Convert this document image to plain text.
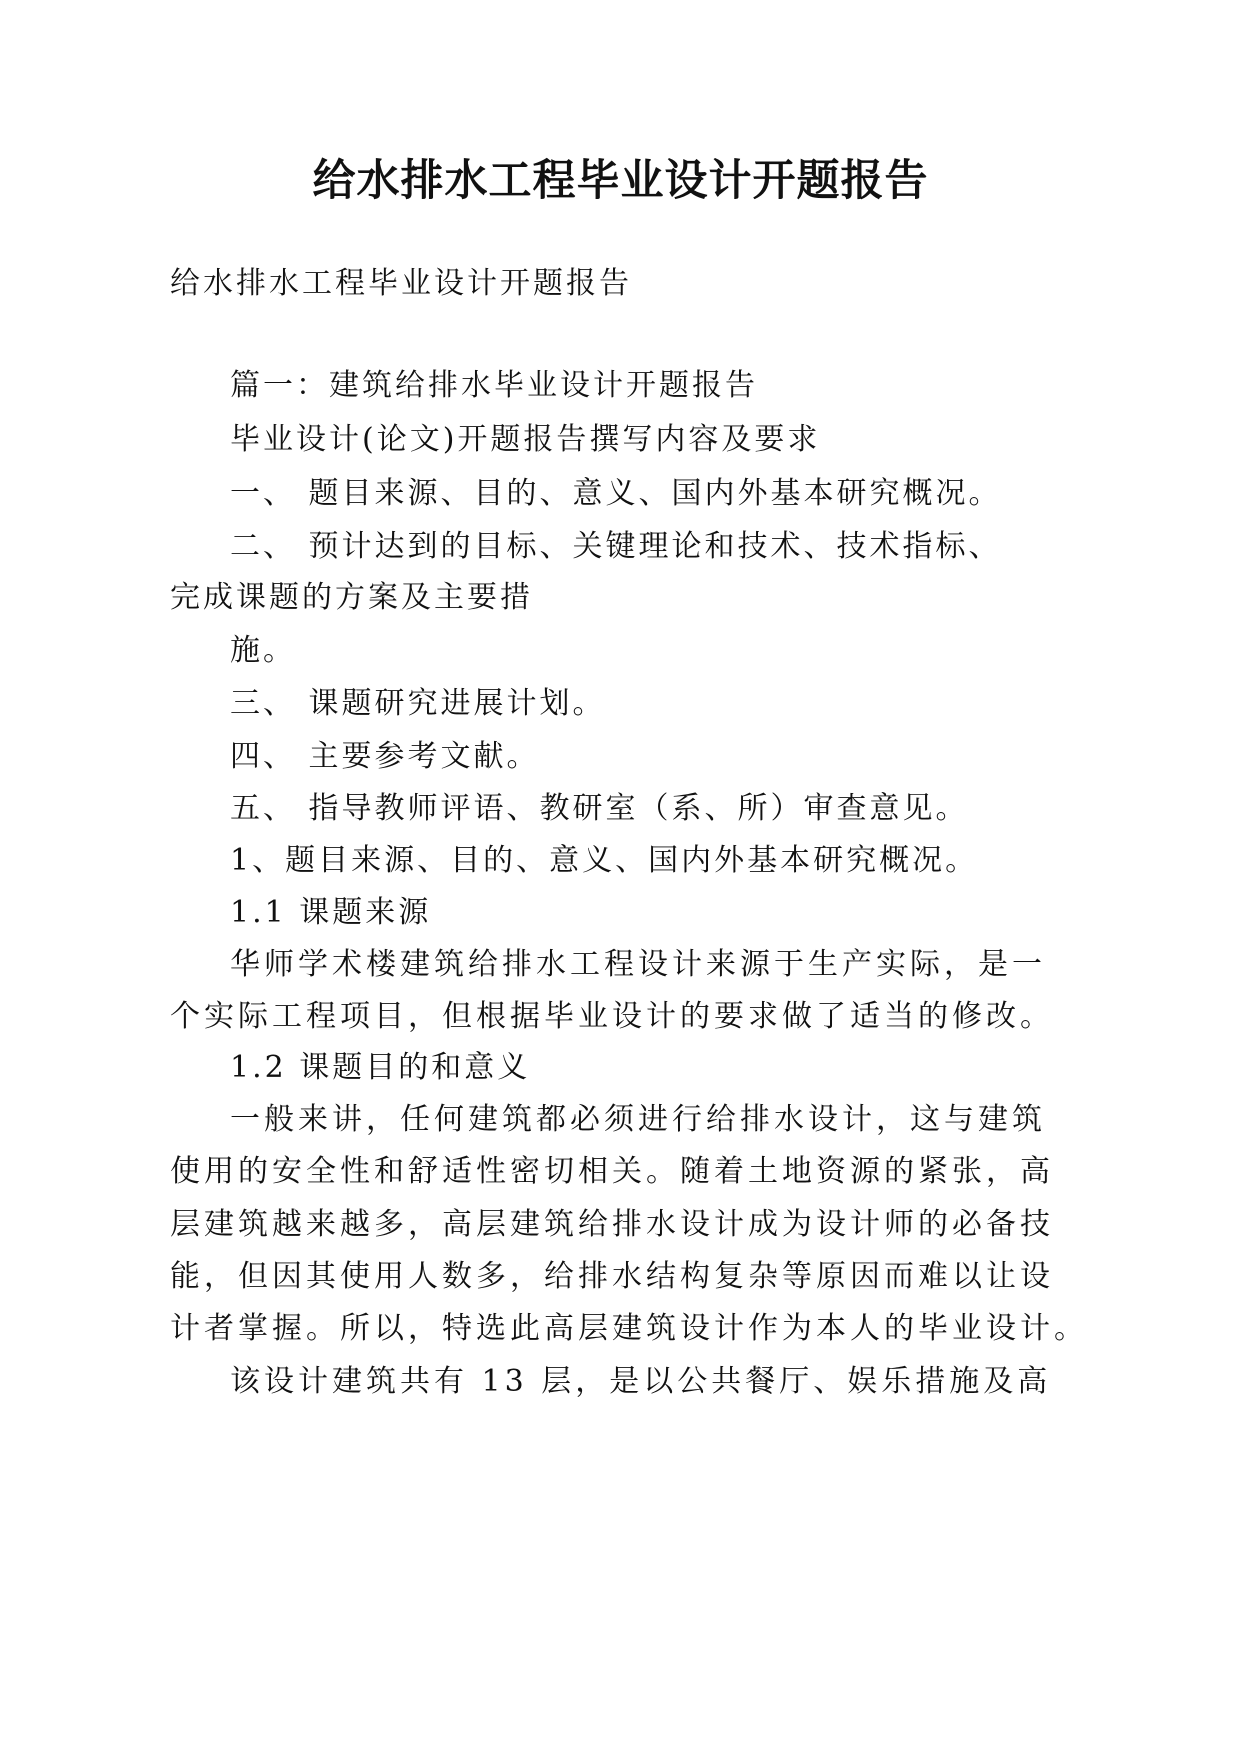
给水排水工程毕业设计开题报告
给水排水工程毕业设计开题报告
篇一：建筑给排水毕业设计开题报告
毕业设计(论文)开题报告撰写内容及要求
一、 题目来源、目的、意义、国内外基本研究概况。
二、 预计达到的目标、关键理论和技术、技术指标、
完成课题的方案及主要措
施。
三、 课题研究进展计划。
四、 主要参考文献。
五、 指导教师评语、教研室（系、所）审查意见。
1、题目来源、目的、意义、国内外基本研究概况。
1.1 课题来源
华师学术楼建筑给排水工程设计来源于生产实际，是一
个实际工程项目，但根据毕业设计的要求做了适当的修改。
1.2 课题目的和意义
一般来讲，任何建筑都必须进行给排水设计，这与建筑
使用的安全性和舒适性密切相关。随着土地资源的紧张，高
层建筑越来越多，高层建筑给排水设计成为设计师的必备技
能，但因其使用人数多，给排水结构复杂等原因而难以让设
计者掌握。所以，特选此高层建筑设计作为本人的毕业设计。
该设计建筑共有 13 层，是以公共餐厅、娱乐措施及高
